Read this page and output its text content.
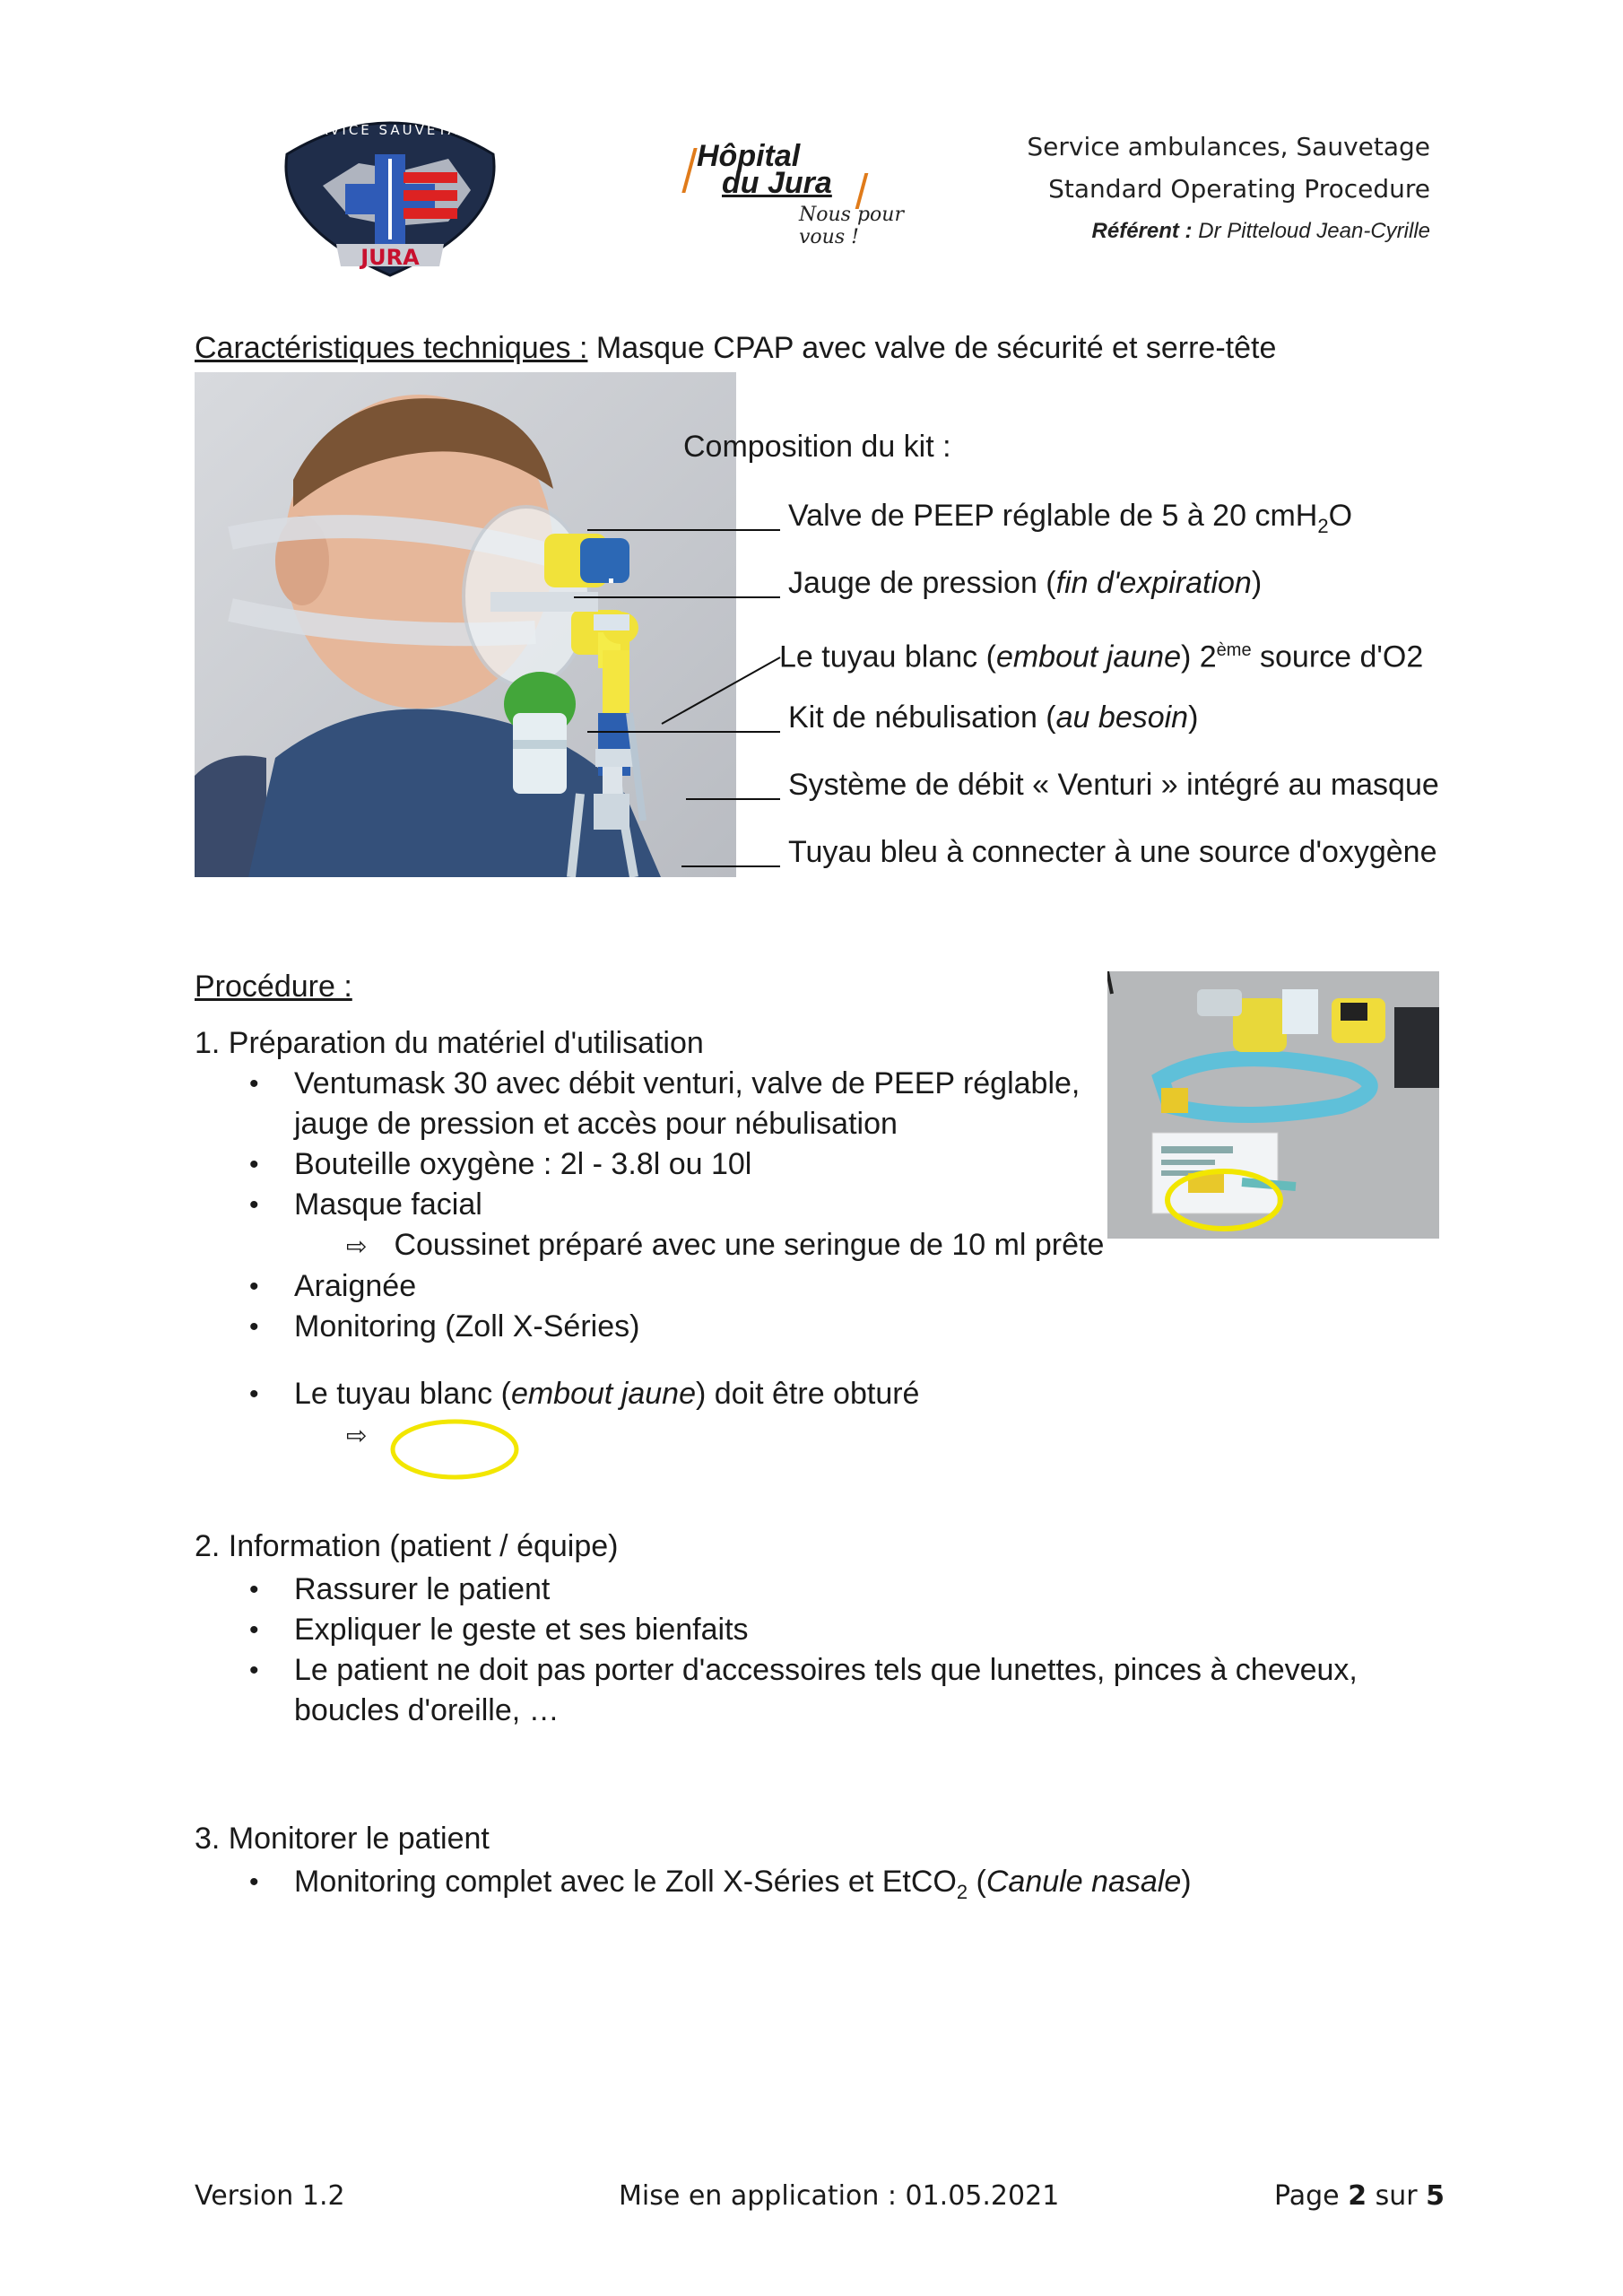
JURA
SERVICE SAUVETAGE
Hôpital
du Jura
Nous pour vous !
Service ambulances, Sauvetage
Standard Operating Procedure
Référent : Dr Pitteloud Jean-Cyrille
Caractéristiques techniques : Masque CPAP avec valve de sécurité et serre-tête
Composition du kit :
Valve de PEEP réglable de 5 à 20 cmH$_2$O
Jauge de pression (fin d'expiration)
Le tuyau blanc (embout jaune) 2ème source d'O2
Kit de nébulisation (au besoin)
Système de débit « Venturi » intégré au masque
Tuyau bleu à connecter à une source d'oxygène
Procédure :
1. Préparation du matériel d'utilisation
• Ventumask 30 avec débit venturi, valve de PEEP réglable,
jauge de pression et accès pour nébulisation
• Bouteille oxygène : 2l - 3.8l ou 10l
• Masque facial
⇨ Coussinet préparé avec une seringue de 10 ml prête
• Araignée
• Monitoring (Zoll X-Séries)
• Le tuyau blanc (embout jaune) doit être obturé
⇨
2. Information (patient / équipe)
• Rassurer le patient
• Expliquer le geste et ses bienfaits
• Le patient ne doit pas porter d'accessoires tels que lunettes, pinces à cheveux,
boucles d'oreille, …
3. Monitorer le patient
• Monitoring complet avec le Zoll X-Séries et EtCO$_2$ (Canule nasale)
Version 1.2	Mise en application : 01.05.2021	Page 2 sur 5
